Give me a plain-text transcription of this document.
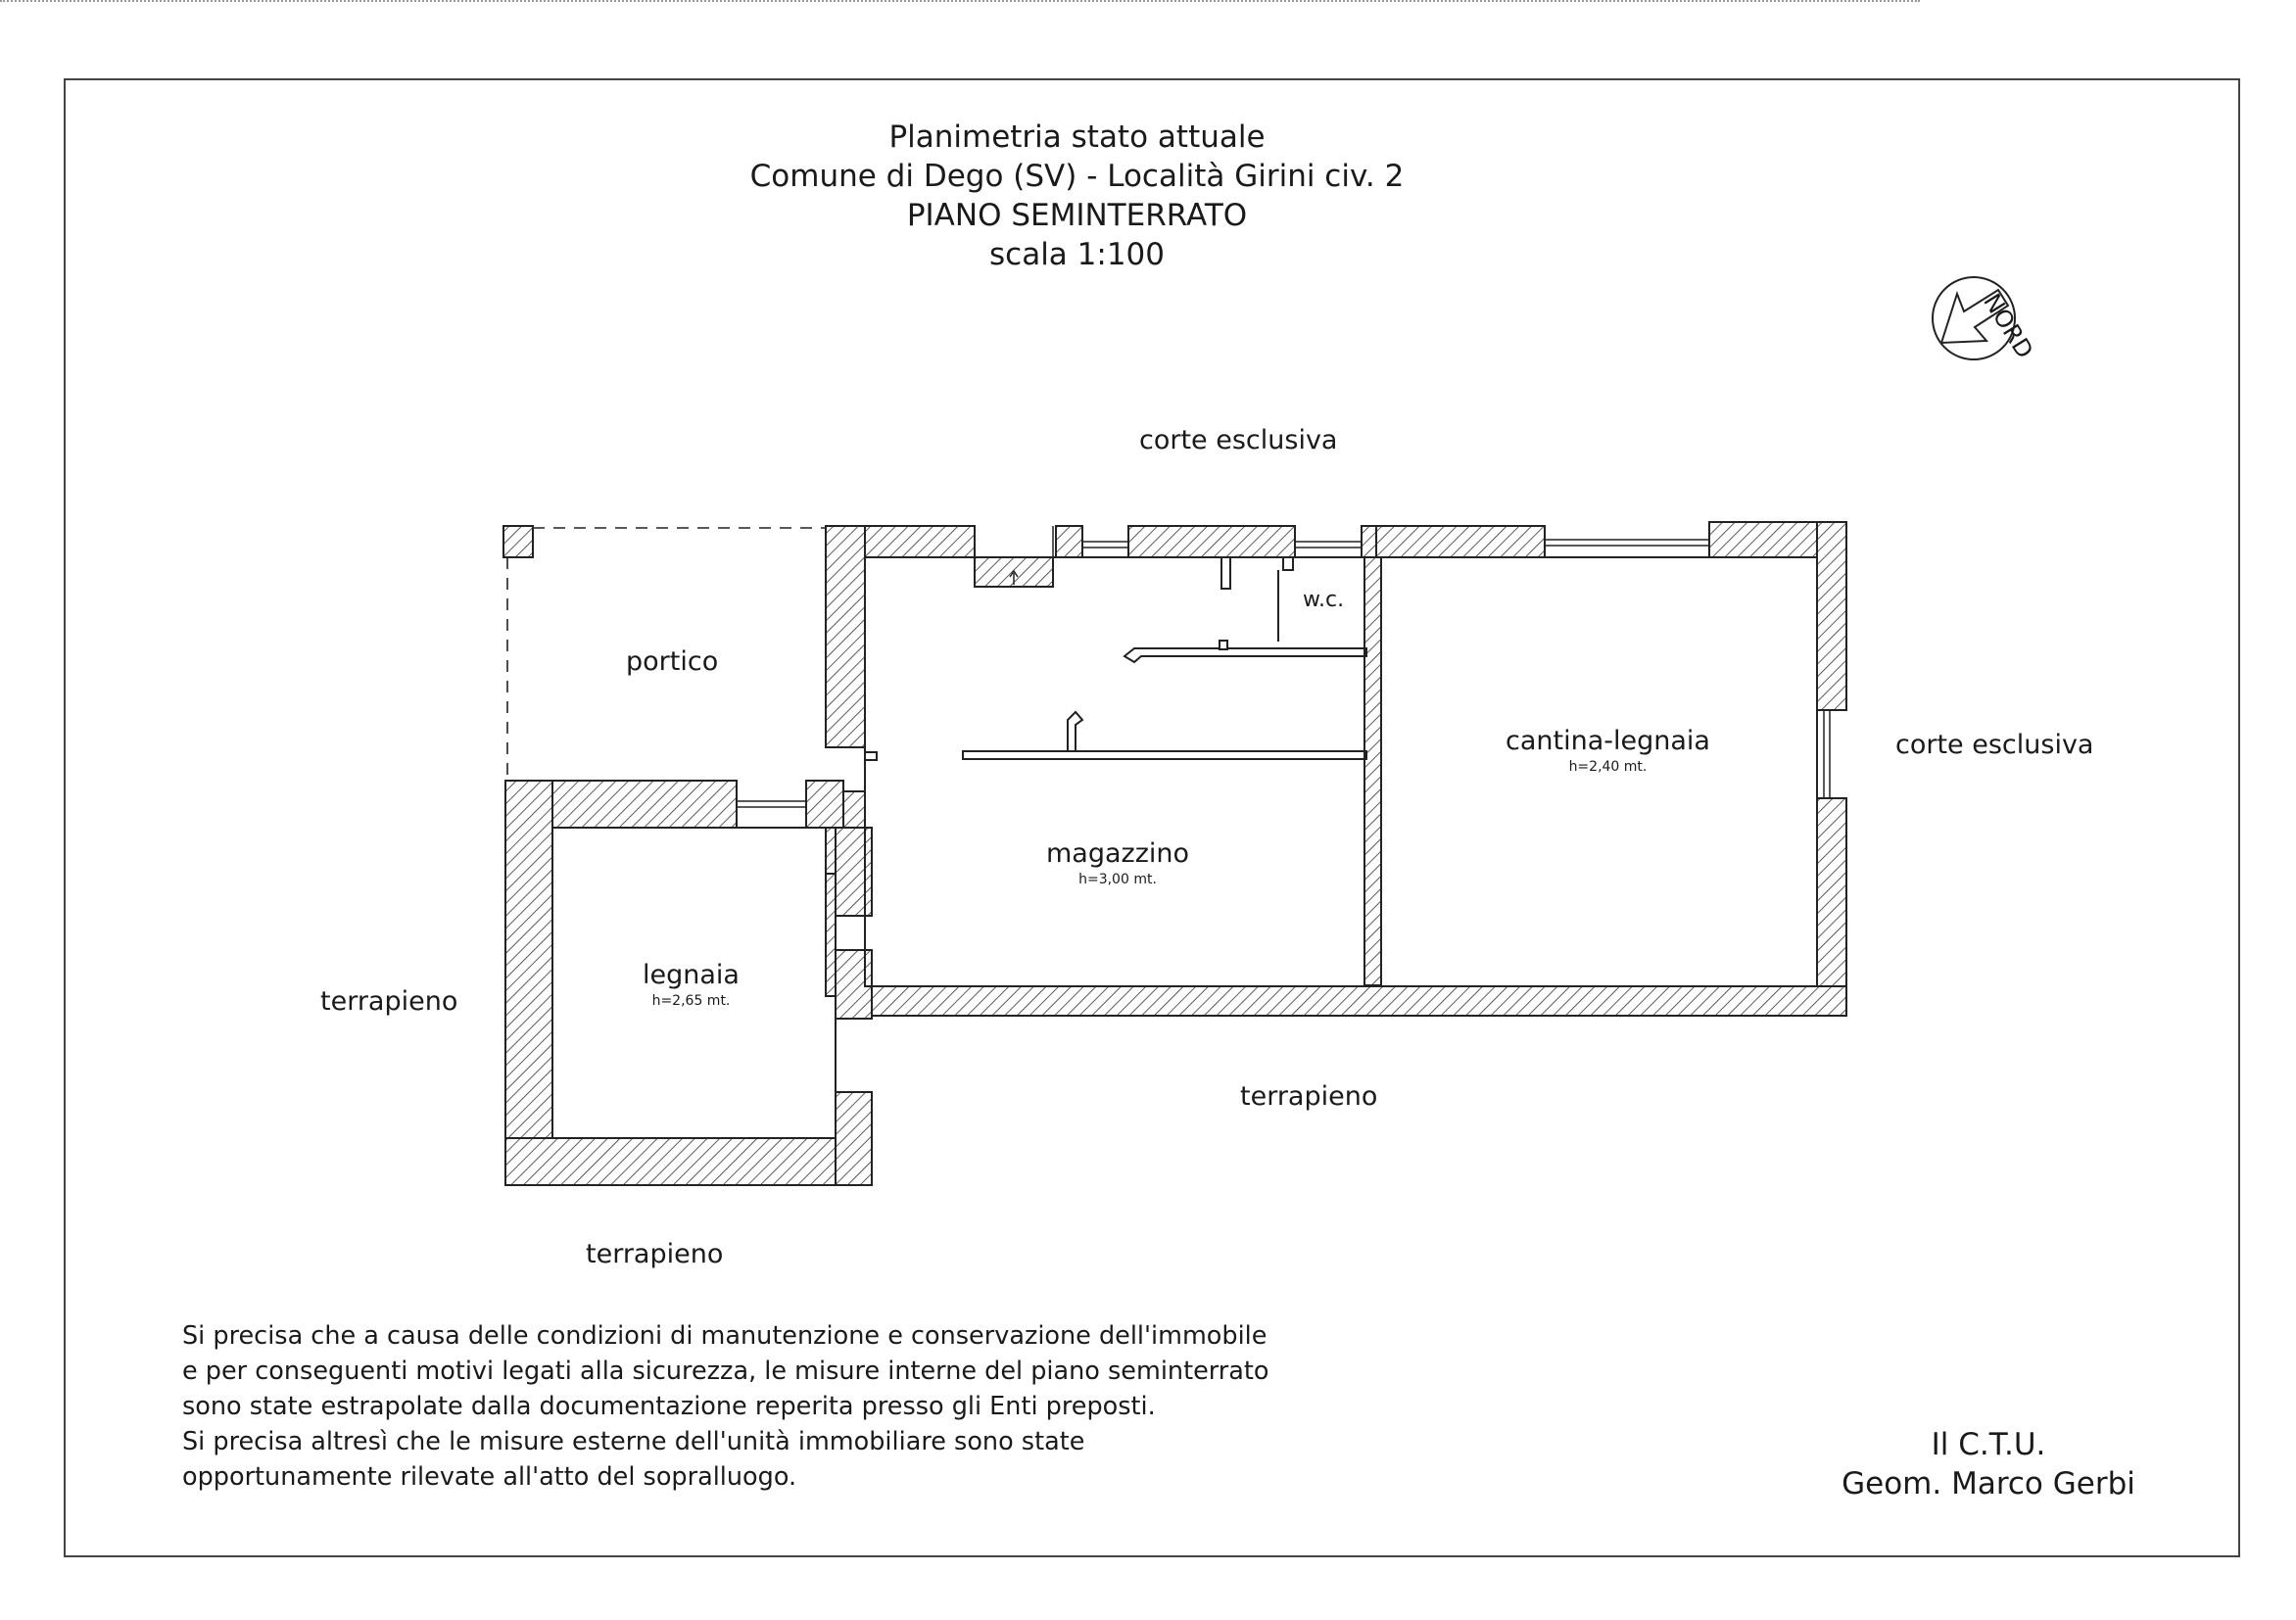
Planimetria stato attuale
Comune di Dego (SV) - Località Girini civ. 2
PIANO SEMINTERRATO
scala 1:100
NORD
corte esclusiva
corte esclusiva
terrapieno
terrapieno
terrapieno
portico
w.c.
magazzino
h=3,00 mt.
cantina-legnaia
h=2,40 mt.
legnaia
h=2,65 mt.
Si precisa che a causa delle condizioni di manutenzione e conservazione dell'immobile
e per conseguenti motivi legati alla sicurezza, le misure interne del piano seminterrato
sono state estrapolate dalla documentazione reperita presso gli Enti preposti.
Si precisa altresì che le misure esterne dell'unità immobiliare sono state
opportunamente rilevate all'atto del sopralluogo.
Il C.T.U.
Geom. Marco Gerbi
